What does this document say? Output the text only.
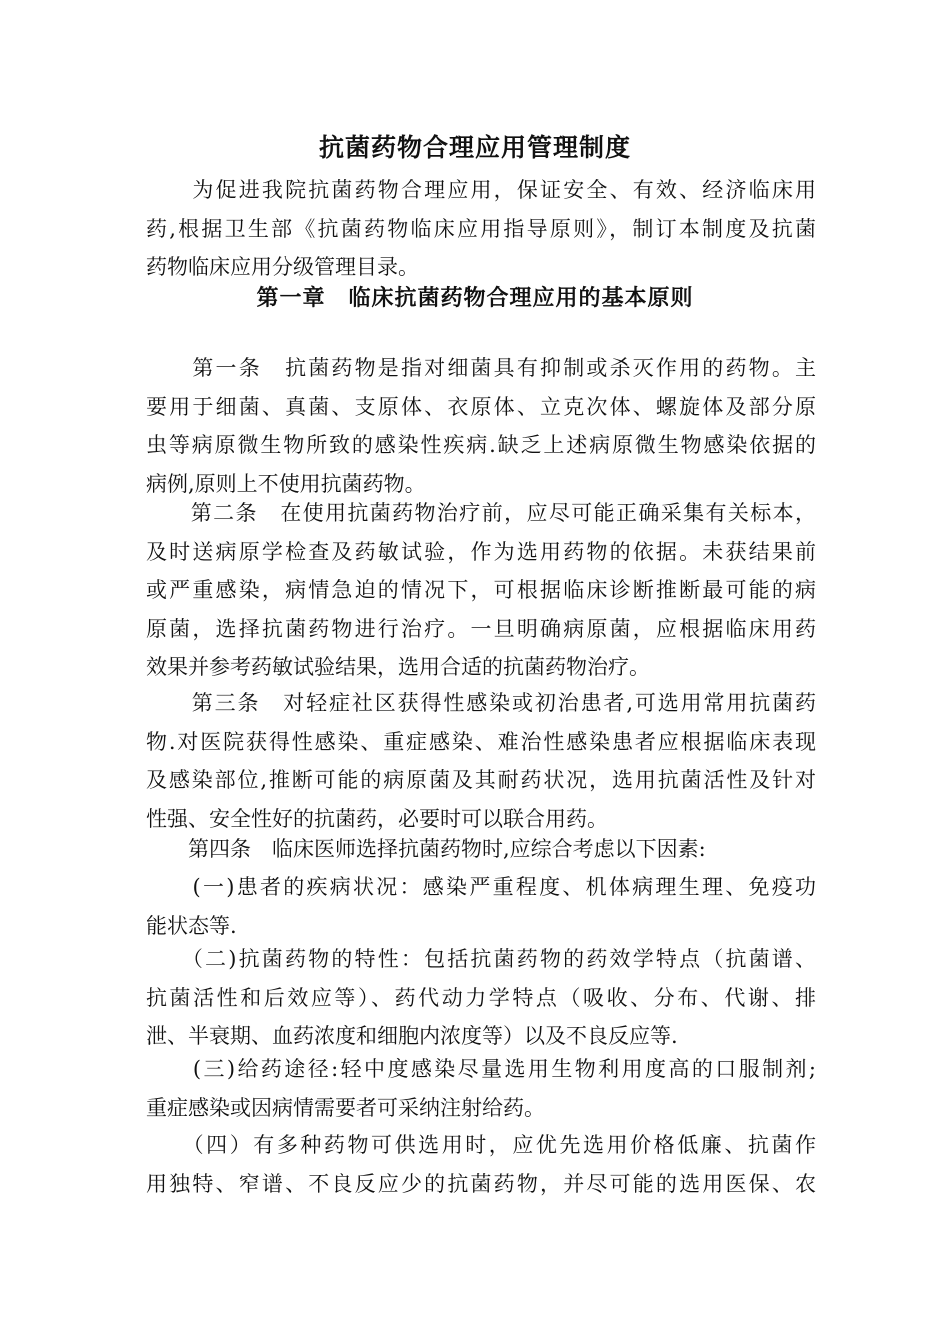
抗菌药物合理应用管理制度
　　为促进我院抗菌药物合理应用，保证安全、有效、经济临床用
药,根据卫生部《抗菌药物临床应用指导原则》，制订本制度及抗菌
药物临床应用分级管理目录。
第一章　临床抗菌药物合理应用的基本原则
　　第一条　抗菌药物是指对细菌具有抑制或杀灭作用的药物。主
要用于细菌、真菌、支原体、衣原体、立克次体、螺旋体及部分原
虫等病原微生物所致的感染性疾病.缺乏上述病原微生物感染依据的
病例,原则上不使用抗菌药物。
　　第二条　在使用抗菌药物治疗前，应尽可能正确采集有关标本，
及时送病原学检查及药敏试验，作为选用药物的依据。未获结果前
或严重感染，病情急迫的情况下，可根据临床诊断推断最可能的病
原菌，选择抗菌药物进行治疗。一旦明确病原菌，应根据临床用药
效果并参考药敏试验结果，选用合适的抗菌药物治疗。
　　第三条　对轻症社区获得性感染或初治患者,可选用常用抗菌药
物.对医院获得性感染、重症感染、难治性感染患者应根据临床表现
及感染部位,推断可能的病原菌及其耐药状况，选用抗菌活性及针对
性强、安全性好的抗菌药，必要时可以联合用药。
　　第四条　临床医师选择抗菌药物时,应综合考虑以下因素:
　　(一)患者的疾病状况：感染严重程度、机体病理生理、免疫功
能状态等.
　　（二)抗菌药物的特性：包括抗菌药物的药效学特点（抗菌谱、
抗菌活性和后效应等）、药代动力学特点（吸收、分布、代谢、排
泄、半衰期、血药浓度和细胞内浓度等）以及不良反应等.
　　(三)给药途径:轻中度感染尽量选用生物利用度高的口服制剂;
重症感染或因病情需要者可采纳注射给药。
　　（四）有多种药物可供选用时，应优先选用价格低廉、抗菌作
用独特、窄谱、不良反应少的抗菌药物，并尽可能的选用医保、农
